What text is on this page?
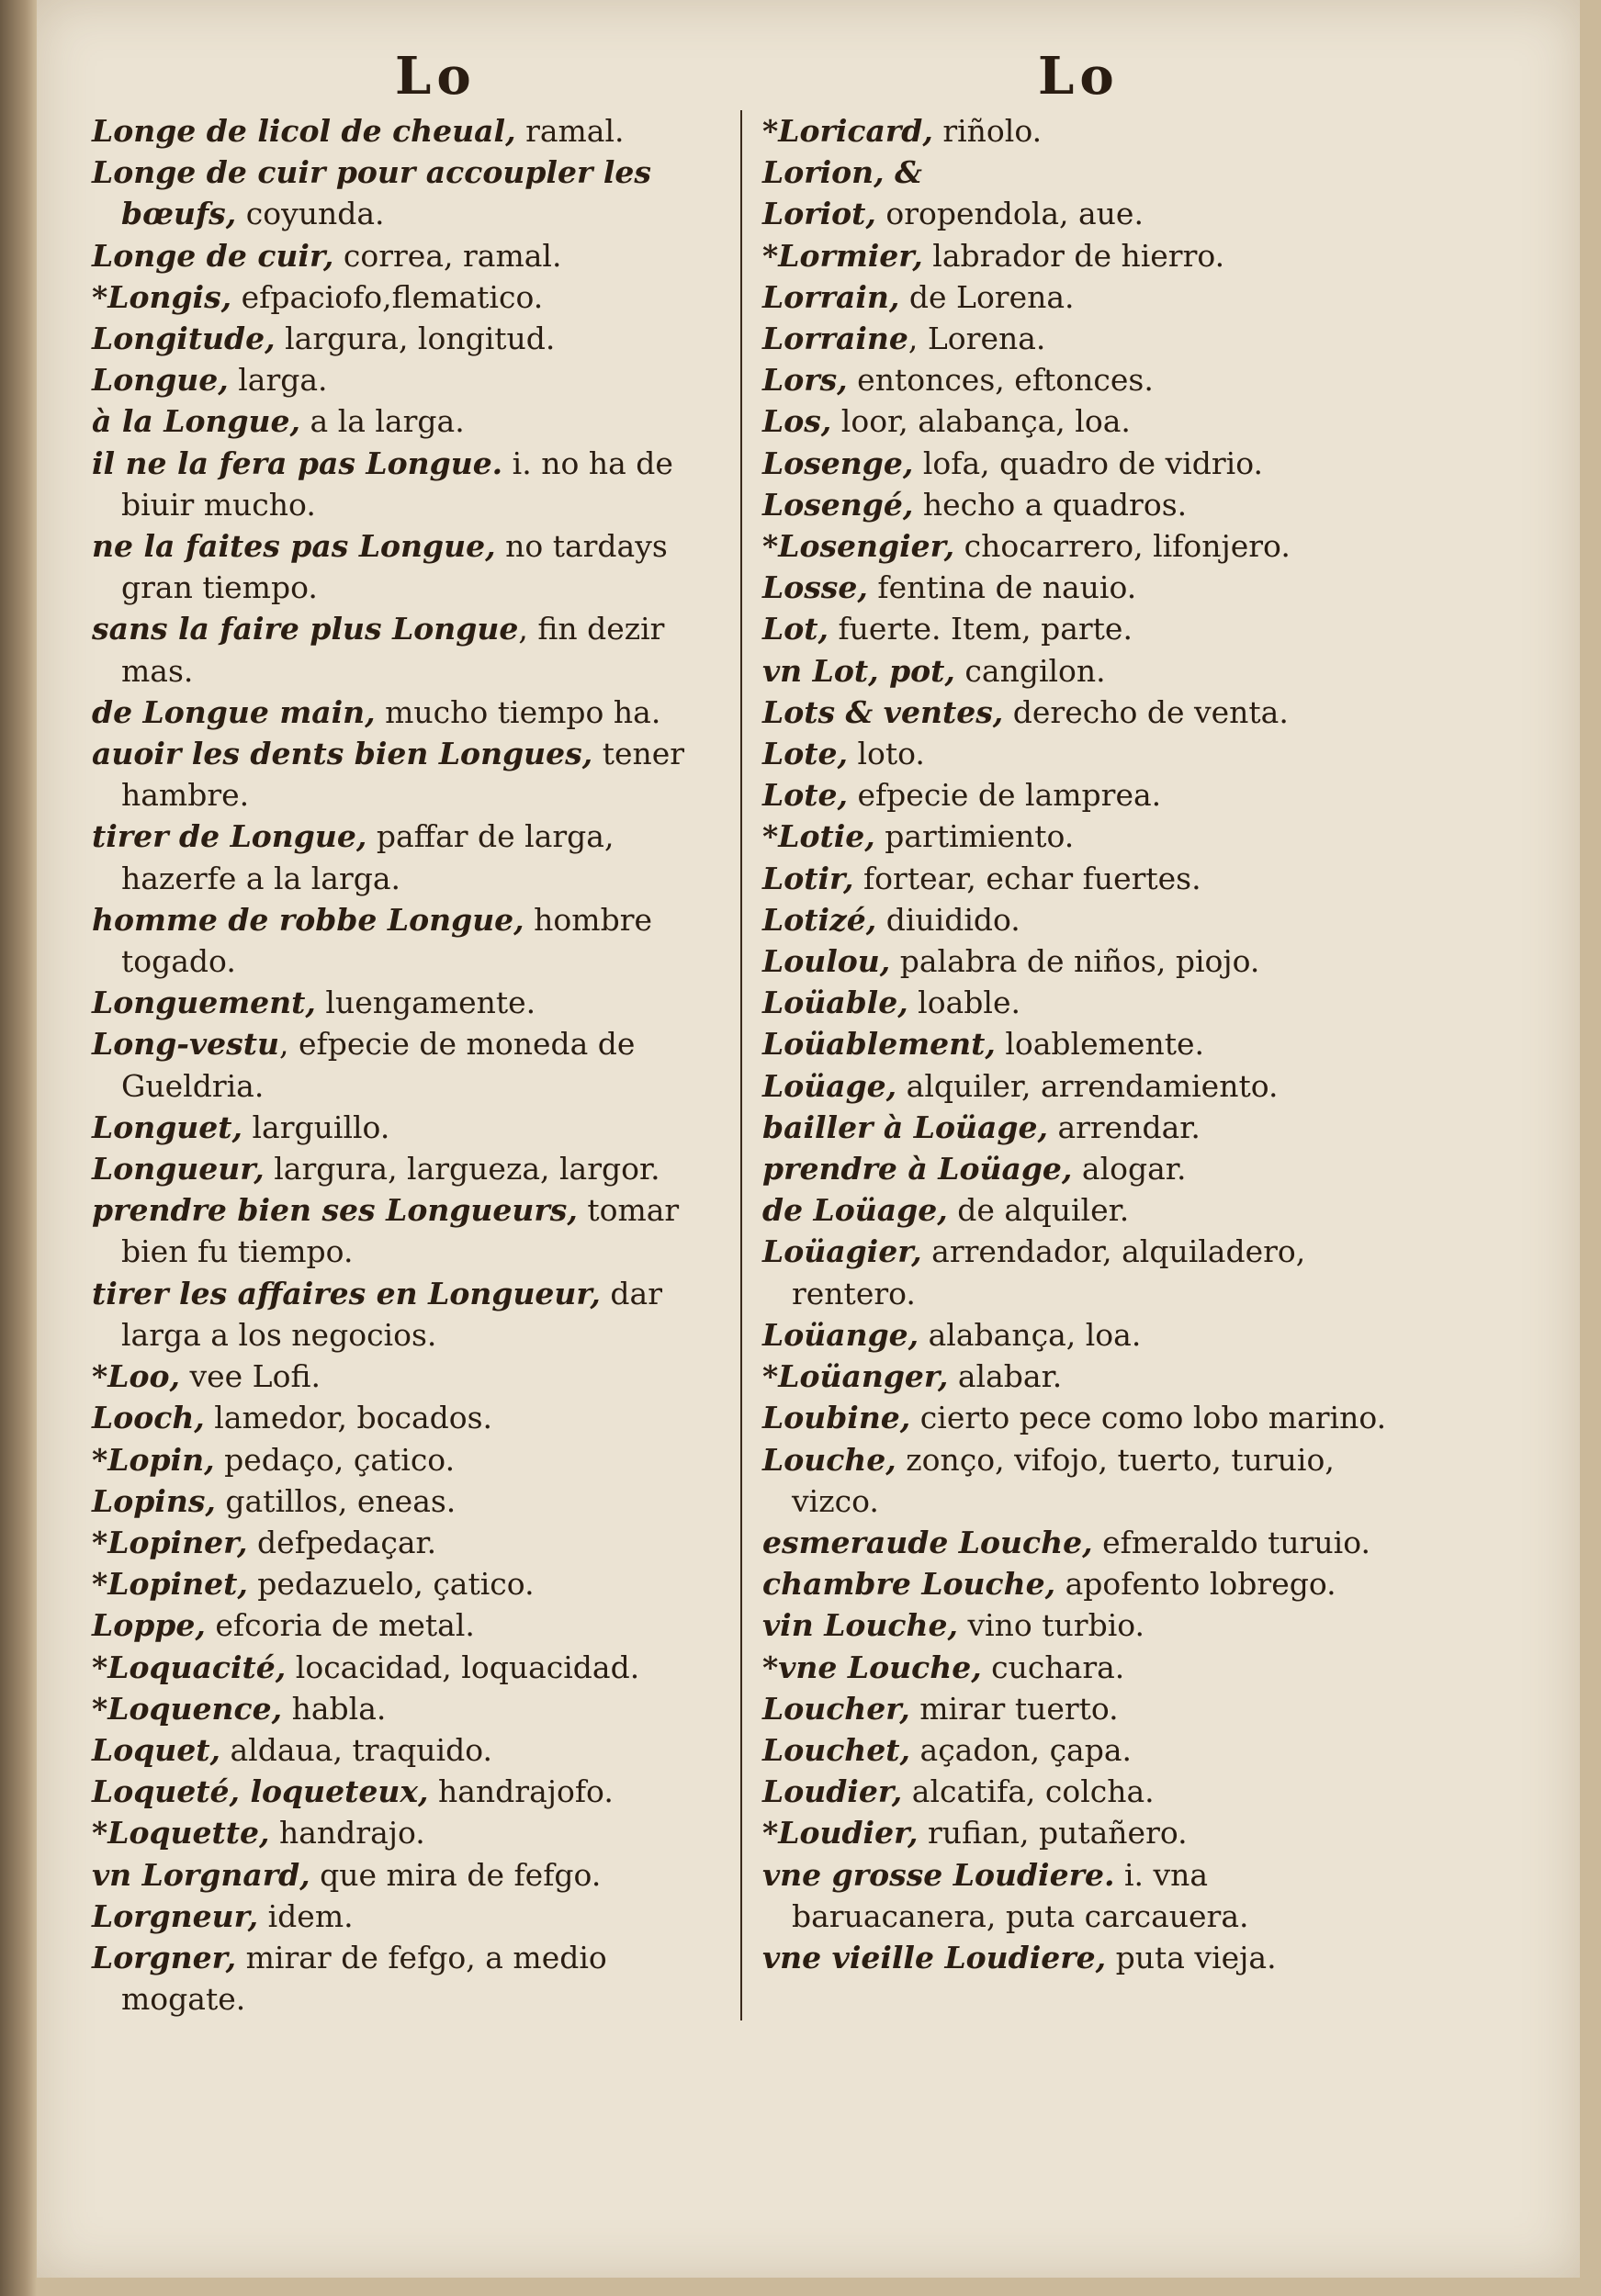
Lo	Lo

Longe de licol de cheual, ramal.

Longe de cuir pour accoupler les bœufs, coyunda.

Longe de cuir, correa, ramal.

*Longis, efpaciofo,flematico.

Longitude, largura, longitud.

Longue, larga.

à la Longue, a la larga.

il ne la fera pas Longue. i. no ha de biuir mucho.

ne la faites pas Longue, no tardays gran tiempo.

sans la faire plus Longue, fin dezir mas.

de Longue main, mucho tiempo ha.

auoir les dents bien Longues, tener hambre.

tirer de Longue, paffar de larga, hazerfe a la larga.

homme de robbe Longue, hombre togado.

Longuement, luengamente.

Long-vestu, efpecie de moneda de Gueldria.

Longuet, larguillo.

Longueur, largura, largueza, largor.

prendre bien ses Longueurs, tomar bien fu tiempo.

tirer les affaires en Longueur, dar larga a los negocios.

*Loo, vee Lofi.

Looch, lamedor, bocados.

*Lopin, pedaço, çatico.

Lopins, gatillos, eneas.

*Lopiner, defpedaçar.

*Lopinet, pedazuelo, çatico.

Loppe, efcoria de metal.

*Loquacité, locacidad, loquacidad.

*Loquence, habla.

Loquet, aldaua, traquido.

Loqueté, loqueteux, handrajofo.

*Loquette, handrajo.

vn Lorgnard, que mira de fefgo.

Lorgneur, idem.

Lorgner, mirar de fefgo, a medio mogate.

*Loricard, riñolo.

Lorion, &

Loriot, oropendola, aue.

*Lormier, labrador de hierro.

Lorrain, de Lorena.

Lorraine, Lorena.

Lors, entonces, eftonces.

Los, loor, alabança, loa.

Losenge, lofa, quadro de vidrio.

Losengé, hecho a quadros.

*Losengier, chocarrero, lifonjero.

Losse, fentina de nauio.

Lot, fuerte. Item, parte.

vn Lot, pot, cangilon.

Lots & ventes, derecho de venta.

Lote, loto.

Lote, efpecie de lamprea.

*Lotie, partimiento.

Lotir, fortear, echar fuertes.

Lotizé, diuidido.

Loulou, palabra de niños, piojo.

Loüable, loable.

Loüablement, loablemente.

Loüage, alquiler, arrendamiento.

bailler à Loüage, arrendar.

prendre à Loüage, alogar.

de Loüage, de alquiler.

Loüagier, arrendador, alquiladero, rentero.

Loüange, alabança, loa.

*Loüanger, alabar.

Loubine, cierto pece como lobo marino.

Louche, zonço, vifojo, tuerto, turuio, vizco.

esmeraude Louche, efmeraldo turuio.

chambre Louche, apofento lobrego.

vin Louche, vino turbio.

*vne Louche, cuchara.

Loucher, mirar tuerto.

Louchet, açadon, çapa.

Loudier, alcatifa, colcha.

*Loudier, rufian, putañero.

vne grosse Loudiere. i. vna baruacanera, puta carcauera.

vne vieille Loudiere, puta vieja.
